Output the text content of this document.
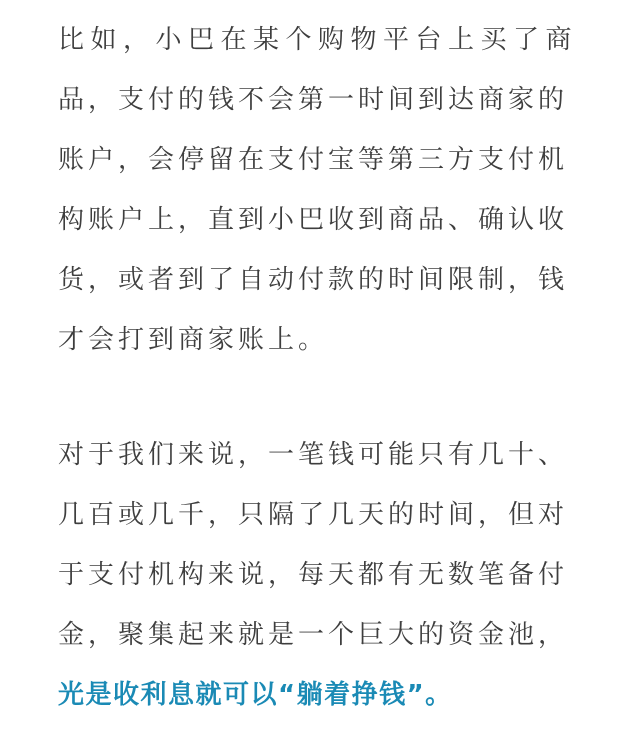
比如，小巴在某个购物平台上买了商
品，支付的钱不会第一时间到达商家的
账户，会停留在支付宝等第三方支付机
构账户上，直到小巴收到商品、确认收
货，或者到了自动付款的时间限制，钱
才会打到商家账上。

对于我们来说，一笔钱可能只有几十、
几百或几千，只隔了几天的时间，但对
于支付机构来说，每天都有无数笔备付
金，聚集起来就是一个巨大的资金池，
光是收利息就可以“躺着挣钱”。
